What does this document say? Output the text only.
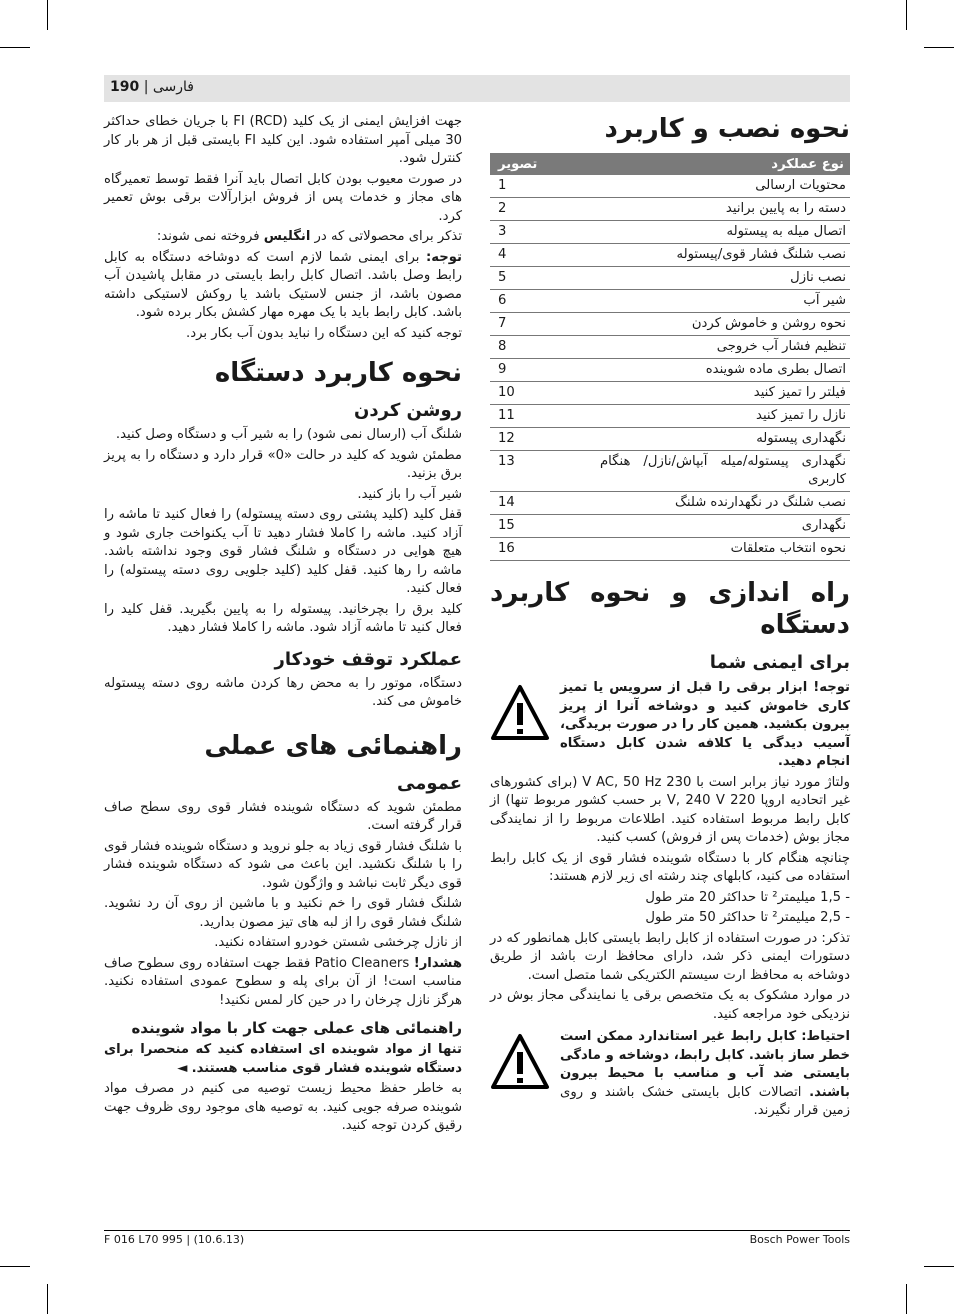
190 | فارسی

جهت افزایش ایمنی از یک کلید FI (RCD) با جریان خطای حداکثر 30 میلی آمپر استفاده شود. این کلید FI بایستی قبل از هر بار کار کنترل شود.

در صورت معیوب بودن کابل اتصال باید آنرا فقط توسط تعمیرگاه های مجاز و خدمات پس از فروش ابزارآلات برقی بوش تعمیر کرد.

تذکر برای محصولاتی که در انگلیس فروخته نمی شوند:

توجه: برای ایمنی شما لازم است که دوشاخه دستگاه به کابل رابط وصل باشد. اتصال کابل رابط بایستی در مقابل پاشیدن آب مصون باشد، از جنس لاستیک باشد یا روکش لاستیکی داشته باشد. کابل رابط باید با یک مهره مهار کشش بکار برده شود.

توجه کنید که این دستگاه را نباید بدون آب بکار برد.

نحوه کاربرد دستگاه
روشن کردن

شلنگ آب (ارسال نمی شود) را به شیر آب و دستگاه وصل کنید.

مطمئن شوید که کلید در حالت «0» قرار دارد و دستگاه را به پریز برق بزنید.

شیر آب را باز کنید.

قفل کلید (کلید پشتی روی دسته پیستوله) را فعال کنید تا ماشه را آزاد کنید. ماشه را کاملا فشار دهید تا آب یکنواخت جاری شود و هیچ هوایی در دستگاه و شلنگ فشار قوی وجود نداشته باشد. ماشه را رها کنید. قفل کلید (کلید جلویی روی دسته پیستوله) را فعال کنید.

کلید برق را بچرخانید. پیستوله را به پایین بگیرید. قفل کلید را فعال کنید تا ماشه آزاد شود. ماشه را کاملا فشار دهید.

عملکرد توقف خودکار

دستگاه، موتور را به محض رها کردن ماشه روی دسته پیستوله خاموش می کند.

راهنمائی های عملی
عمومی

مطمئن شوید که دستگاه شوینده فشار قوی روی سطح صاف قرار گرفته است.

با شلنگ فشار قوی زیاد به جلو نروید و دستگاه شوینده فشار قوی را با شلنگ نکشید. این باعث می شود که دستگاه شوینده فشار قوی دیگر ثابت نباشد و واژگون شود.

شلنگ فشار قوی را خم نکنید و با ماشین از روی آن رد نشوید. شلنگ فشار قوی را از لبه های تیز مصون بدارید.

از نازل چرخشی شستن خودرو استفاده نکنید.

هشدار! Patio Cleaners فقط جهت استفاده روی سطوح صاف مناسب است! از آن برای پله و سطوح عمودی استفاده نکنید. هرگز نازل چرخان را در حین کار لمس نکنید!

راهنمائی های عملی جهت کار با مواد شوینده

تنها از مواد شوینده ای استفاده کنید که منحصرا برای دستگاه شوینده فشار قوی مناسب هستند. ◄

به خاطر حفظ محیط زیست توصیه می کنیم در مصرف مواد شوینده صرفه جویی کنید. به توصیه های موجود روی ظروف جهت رقیق کردن توجه کنید.

نحوه نصب و کاربرد
نوع عملکرد	تصویر
محتویات ارسالی	1
دسته را به پایین برانید	2
اتصال میله به پیستوله	3
نصب شلنگ فشار قوی/پیستوله	4
نصب نازل	5
شیر آب	6
نحوه روشن و خاموش کردن	7
تنظیم فشار آب خروجی	8
اتصال بطری ماده شوینده	9
فیلتر را تمیز کنید	10
نازل را تمیز کنید	11
نگهداری پیستوله	12
نگهداری پیستوله/میله آبپاش/نازل/ هنگام کاربری	13
نصب شلنگ در نگهدارنده شلنگ	14
نگهداری	15
نحوه انتخاب متعلقات	16
راه اندازی و نحوه کاربرد دستگاه
برای ایمنی شما

توجه! ابزار برقی را قبل از سرویس یا تمیز کاری خاموش کنید و دوشاخه آنرا از پریز بیرون بکشید. همین کار را در صورت بریدگی، آسیب دیدگی یا کلافه شدن کابل دستگاه انجام دهید.

ولتاژ مورد نیاز برابر است با 230 V AC, 50 Hz (برای کشورهای غیر اتحادیه اروپا 220 V, 240 V بر حسب کشور مربوط تنها) از کابل رابط مربوط استفاده کنید. اطلاعات مربوط را از نمایندگی مجاز بوش (خدمات پس از فروش) کسب کنید.

چنانچه هنگام کار با دستگاه شوینده فشار قوی از یک کابل رابط استفاده می کنید، کابلهای چند رشته ای زیر لازم هستند:

- 1,5 میلیمتر² تا حداکثر 20 متر طول

- 2,5 میلیمتر² تا حداکثر 50 متر طول

تذکر: در صورت استفاده از کابل رابط بایستی کابل همانطور که در دستورات ایمنی ذکر شد، دارای محافظ ارت باشد از طریق دوشاخه به محافظ ارت سیستم الکتریکی شما متصل است.

در موارد مشکوک به یک متخصص برقی یا نمایندگی مجاز بوش در نزدیکی خود مراجعه کنید.

احتیاط: کابل رابط غیر استاندارد ممکن است خطر ساز باشد. کابل رابط، دوشاخه و مادگی بایستی ضد آب و مناسب با محیط بیرون باشند. اتصالات کابل بایستی خشک باشند و روی زمین قرار نگیرند.

F 016 L70 995 | (10.6.13)	Bosch Power Tools
